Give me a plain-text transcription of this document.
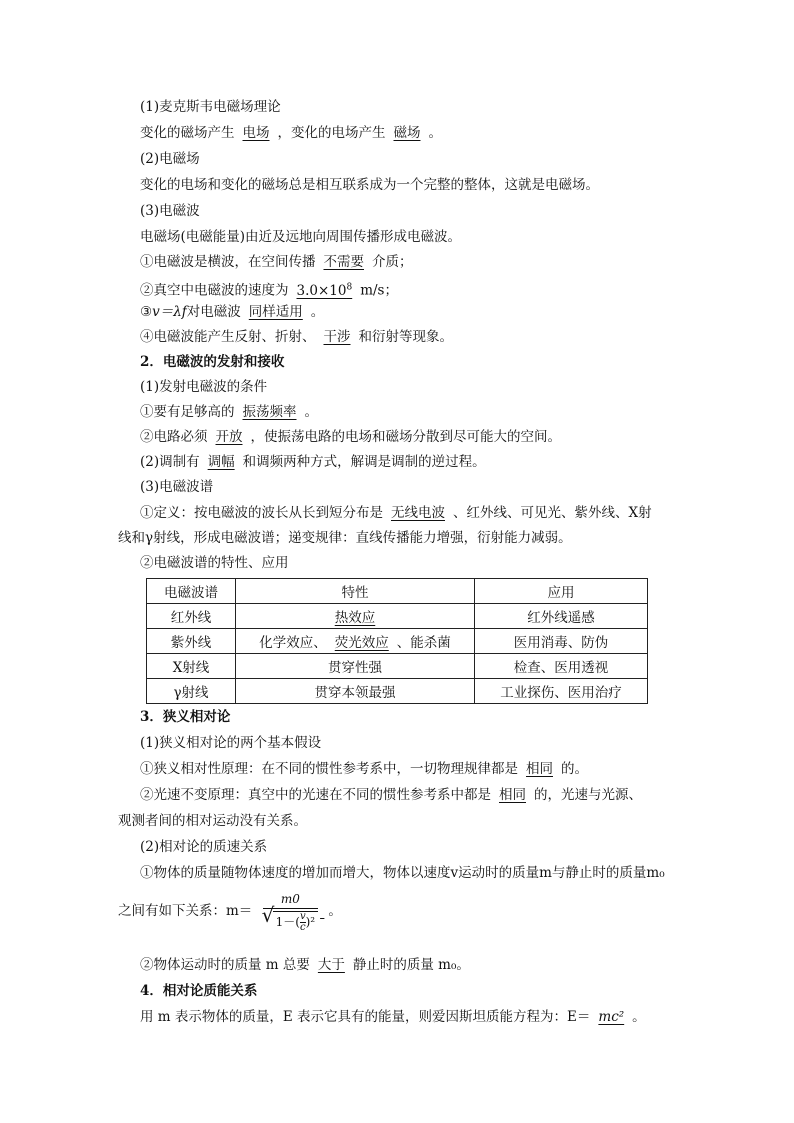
(1)麦克斯韦电磁场理论
变化的磁场产生 电场 ，变化的电场产生 磁场 。
(2)电磁场
变化的电场和变化的磁场总是相互联系成为一个完整的整体，这就是电磁场。
(3)电磁波
电磁场(电磁能量)由近及远地向周围传播形成电磁波。
①电磁波是横波，在空间传播 不需要 介质；
②真空中电磁波的速度为 $3.0\times 10^8$ m/s；
③v＝λf对电磁波 同样适用 。
④电磁波能产生反射、折射、 干涉 和衍射等现象。
2．电磁波的发射和接收
(1)发射电磁波的条件
①要有足够高的 振荡频率 。
②电路必须 开放 ，使振荡电路的电场和磁场分散到尽可能大的空间。
(2)调制有 调幅 和调频两种方式，解调是调制的逆过程。
(3)电磁波谱
①定义：按电磁波的波长从长到短分布是 无线电波 、红外线、可见光、紫外线、X射
线和γ射线，形成电磁波谱；递变规律：直线传播能力增强，衍射能力减弱。
②电磁波谱的特性、应用
电磁波谱	特性	应用
红外线	热效应	红外线遥感
紫外线	化学效应、 荧光效应 、能杀菌	医用消毒、防伪
X射线	贯穿性强	检查、医用透视
γ射线	贯穿本领最强	工业探伤、医用治疗
3．狭义相对论
(1)狭义相对论的两个基本假设
①狭义相对性原理：在不同的惯性参考系中，一切物理规律都是 相同 的。
②光速不变原理：真空中的光速在不同的惯性参考系中都是 相同 的，光速与光源、
观测者间的相对运动没有关系。
(2)相对论的质速关系
①物体的质量随物体速度的增加而增大，物体以速度v运动时的质量m与静止时的质量m₀
之间有如下关系：m＝ m0
√ $1-( \frac{v}{c} )^2$ 。
②物体运动时的质量 m 总要 大于 静止时的质量 m₀。
4．相对论质能关系
用 m 表示物体的质量，E 表示它具有的能量，则爱因斯坦质能方程为：E＝ mc² 。
